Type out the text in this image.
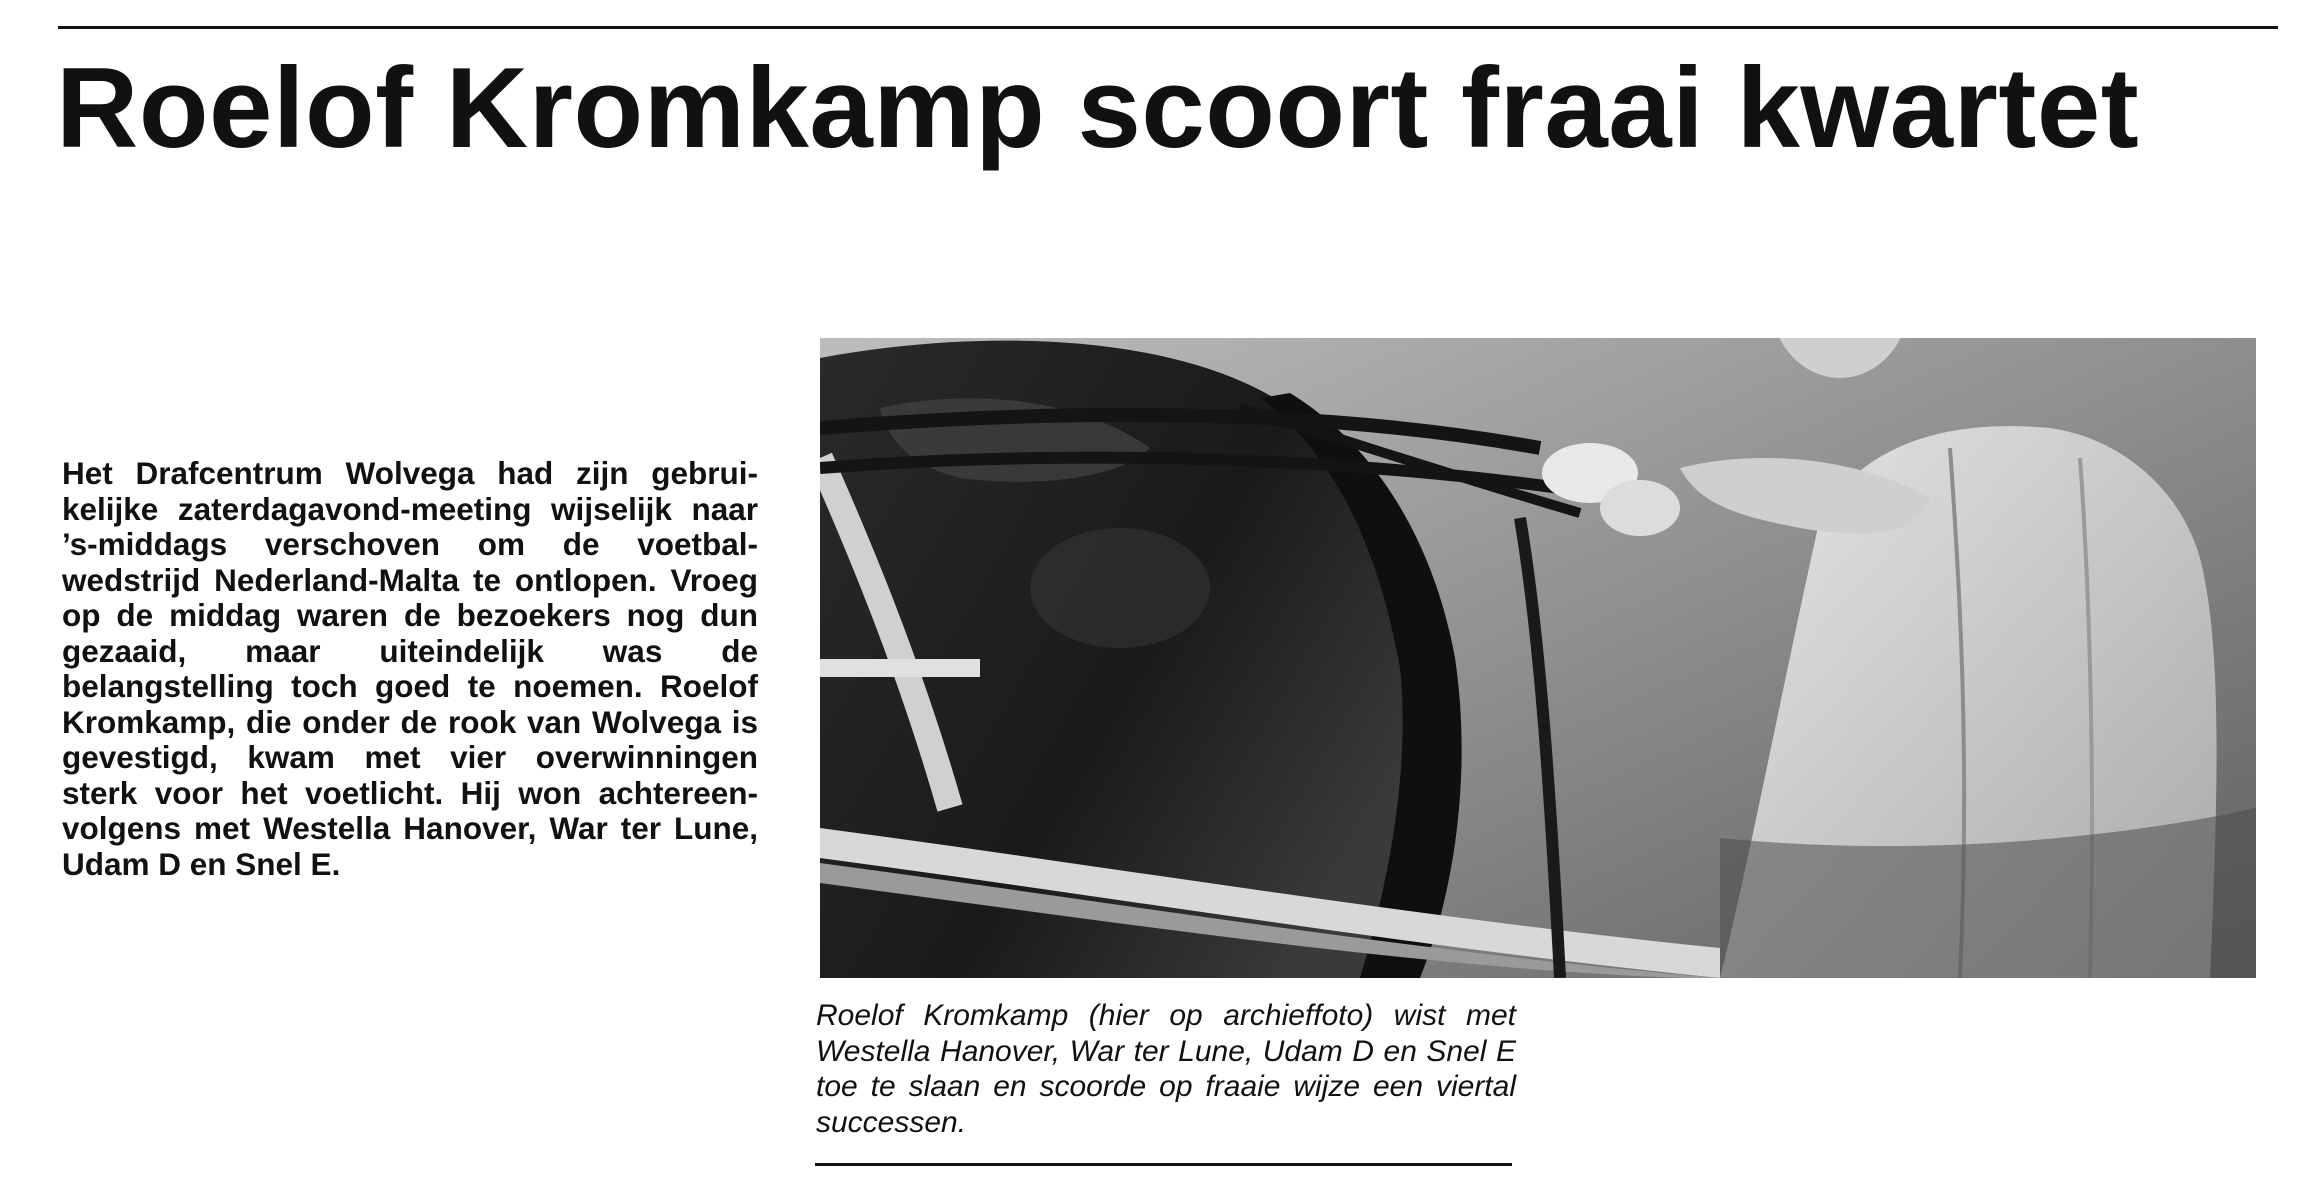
Roelof Kromkamp scoort fraai kwartet

Het Drafcentrum Wolvega had zijn gebruikelijke zaterdagavond-meeting wijselijk naar ’s-middags verschoven om de voetbalwedstrijd Nederland-Malta te ontlopen. Vroeg op de middag waren de bezoekers nog dun gezaaid, maar uiteindelijk was de belangstelling toch goed te noemen. Roelof Kromkamp, die onder de rook van Wolvega is gevestigd, kwam met vier overwinningen sterk voor het voetlicht. Hij won achtereenvolgens met Westella Hanover, War ter Lune, Udam D en Snel E.

Roelof Kromkamp (hier op archieffoto) wist met Westella Hanover, War ter Lune, Udam D en Snel E toe te slaan en scoorde op fraaie wijze een viertal successen.
